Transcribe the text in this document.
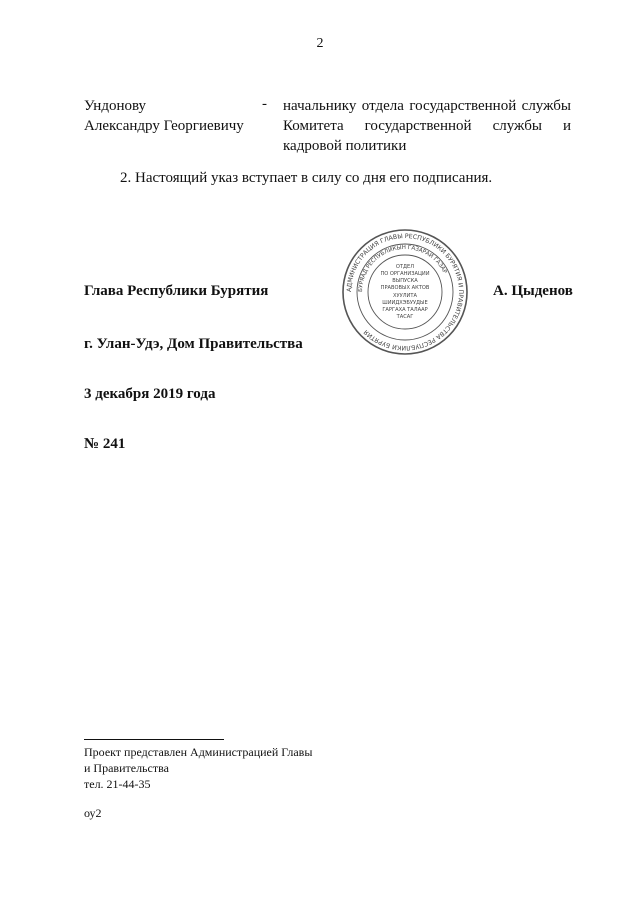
2
Ундонову
Александру Георгиевичу
- начальнику отдела государственной службы Комитета государственной службы и кадровой политики
2. Настоящий указ вступает в силу со дня его подписания.
Глава Республики Бурятия	АДМИНИСТРАЦИЯ ГЛАВЫ РЕСПУБЛИКИ БУРЯТИЯ И ПРАВИТЕЛЬСТВА РЕСПУБЛИКИ БУРЯТИЯ
БУРЯАД РЕСПУБЛИКЫН ГАЗАРАЙ ГАЗАР
ОТДЕЛ
ПО ОРГАНИЗАЦИИ
ВЫПУСКА
ПРАВОВЫХ АКТОВ
ХУУЛИТА
ШИИДХЭБУУДЫЕ
ГАРГАХА ТАЛААР
ТАСАГ
А. Цыденов
г. Улан-Удэ, Дом Правительства
3 декабря 2019 года
№ 241
Проект представлен Администрацией Главы
и Правительства
тел. 21-44-35
оу2
